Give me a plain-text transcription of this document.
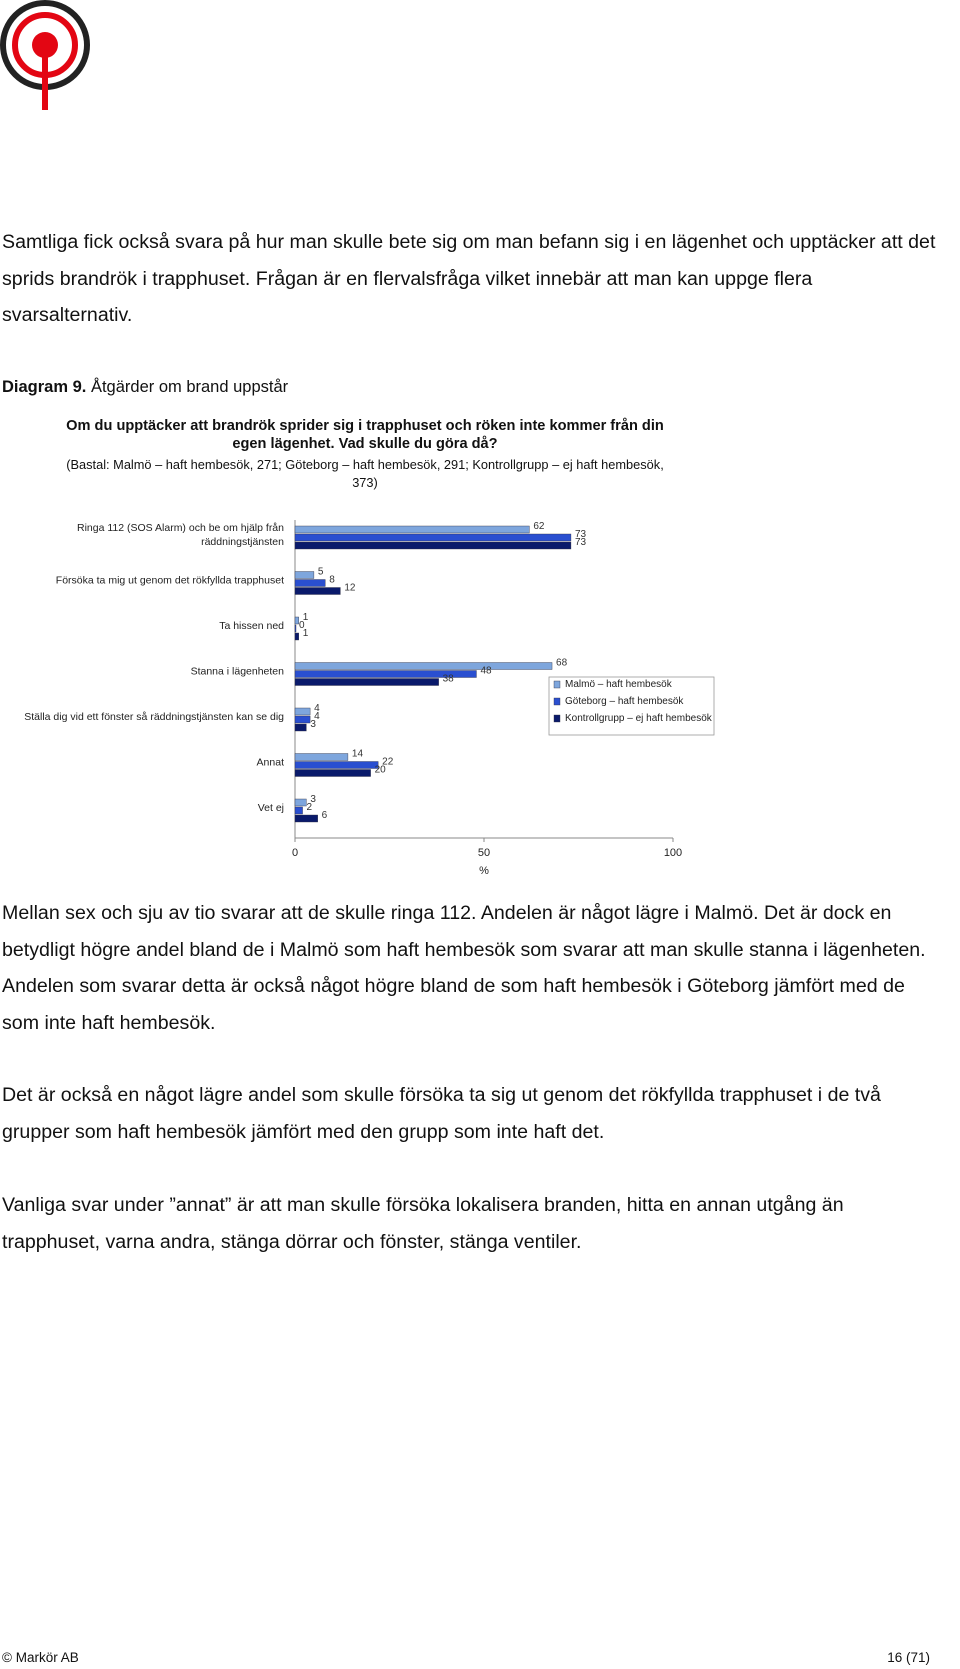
Samtliga fick också svara på hur man skulle bete sig om man befann sig i en lägenhet och upptäcker att det sprids brandrök i trapphuset. Frågan är en flervalsfråga vilket innebär att man kan uppge flera svarsalternativ.

Diagram 9. Åtgärder om brand uppstår

Om du upptäcker att brandrök sprider sig i trapphuset och röken inte kommer från din egen lägenhet. Vad skulle du göra då?

(Bastal: Malmö – haft hembesök, 271; Göteborg – haft hembesök, 291; Kontrollgrupp – ej haft hembesök, 373)

Ringa 112 (SOS Alarm) och be om hjälp från
räddningstjänsten
62
73
73
Försöka ta mig ut genom det rökfyllda trapphuset
5
8
12
Ta hissen ned
1
0
1
Stanna i lägenheten
68
48
38
Ställa dig vid ett fönster så räddningstjänsten kan se dig
4
4
3
Annat
14
22
20
Vet ej
3
2
6
0	50	100
%
Malmö – haft hembesök
Göteborg – haft hembesök
Kontrollgrupp – ej haft hembesök

Mellan sex och sju av tio svarar att de skulle ringa 112. Andelen är något lägre i Malmö. Det är dock en betydligt högre andel bland de i Malmö som haft hembesök som svarar att man skulle stanna i lägenheten. Andelen som svarar detta är också något högre bland de som haft hembesök i Göteborg jämfört med de som inte haft hembesök.

Det är också en något lägre andel som skulle försöka ta sig ut genom det rökfyllda trapphuset i de två grupper som haft hembesök jämfört med den grupp som inte haft det.

Vanliga svar under ”annat” är att man skulle försöka lokalisera branden, hitta en annan utgång än trapphuset, varna andra, stänga dörrar och fönster, stänga ventiler.

© Markör AB	16 (71)
